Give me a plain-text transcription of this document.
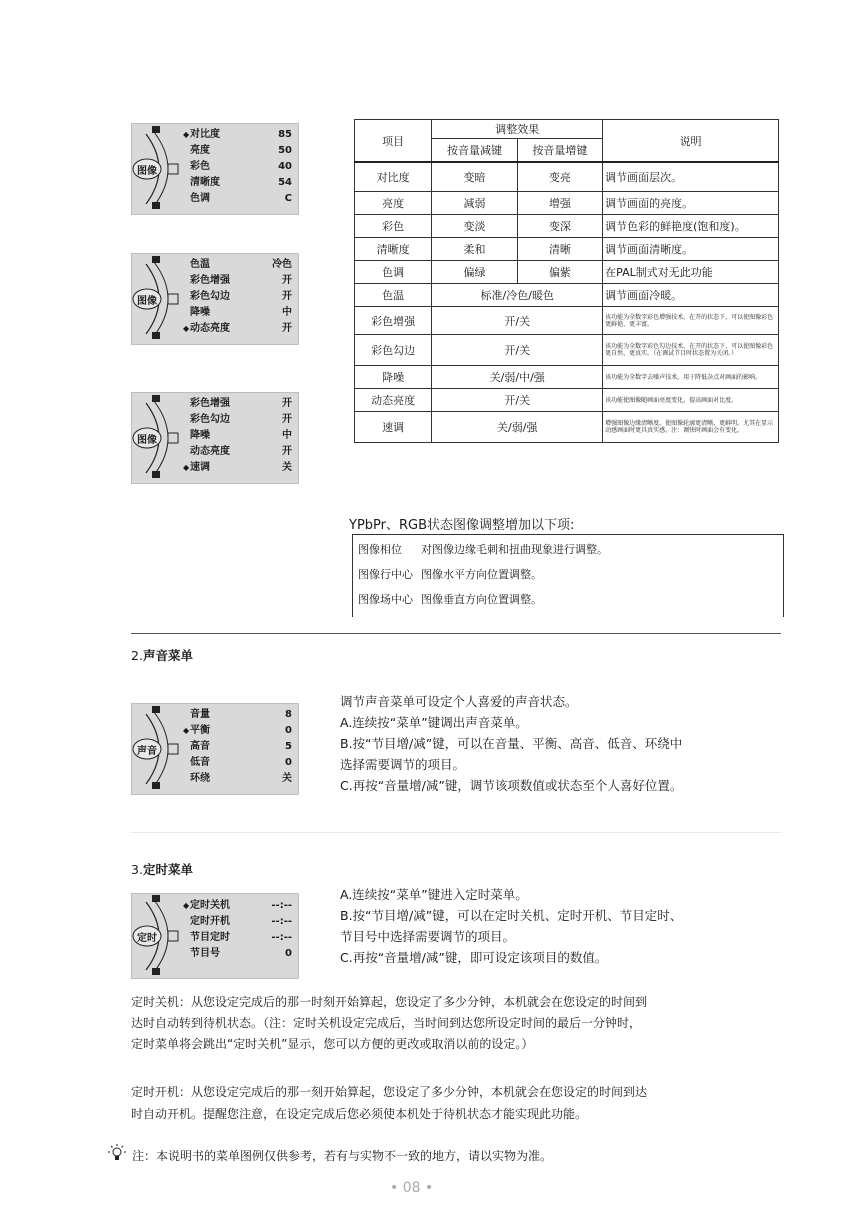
图像
◆ 对比度	85
亮度	50
彩色	40
清晰度	54
色调	C
图像
色温	冷色
彩色增强	开
彩色勾边	开
降噪	中
◆ 动态亮度	开
图像
彩色增强	开
彩色勾边	开
降噪	中
动态亮度	开
◆ 速调	关
项目	调整效果		说明
	按音量减键	按音量增键	
对比度	变暗	变亮	调节画面层次。
亮度	减弱	增强	调节画面的亮度。
彩色	变淡	变深	调节色彩的鲜艳度(饱和度)。
清晰度	柔和	清晰	调节画面清晰度。
色调	偏绿	偏紫	在PAL制式对无此功能
色温	标准/冷色/暖色		调节画面冷暖。
彩色增强	开/关		该功能为全数字彩色增强技术，在开的状态下，可以使图像彩色更鲜艳、更丰富。
彩色勾边	开/关		该功能为全数字彩色勾边技术，在开的状态下，可以使图像彩色更自然、更真实。（在调试节目时状态置为关闭。）
降噪	关/弱/中/强		该功能为全数字去噪声技术，用于降低杂点对画面的影响。
动态亮度	开/关		该功能使图像随画面亮度变化，提高画面对比度。
速调	关/弱/强		增强图像边缘清晰度，使图像轮廓更清晰，更鲜明。尤其在显示动感画面时更具真实感。注：调快时画面会有变化。
YPbPr、RGB状态图像调整增加以下项:
图像相位	对图像边缘毛刺和扭曲现象进行调整。
图像行中心	图像水平方向位置调整。
图像场中心	图像垂直方向位置调整。
2.声音菜单
声音
音量	8
◆ 平衡	0
高音	5
低音	0
环绕	关
调节声音菜单可设定个人喜爱的声音状态。
A.连续按“菜单”键调出声音菜单。
B.按“节目增/减”键，可以在音量、平衡、高音、低音、环绕中
选择需要调节的项目。
C.再按“音量增/减”键，调节该项数值或状态至个人喜好位置。
3.定时菜单
定时
◆ 定时关机	--:--
定时开机	--:--
节目定时	--:--
节目号	0
A.连续按“菜单”键进入定时菜单。
B.按“节目增/减”键，可以在定时关机、定时开机、节目定时、
节目号中选择需要调节的项目。
C.再按“音量增/减”键，即可设定该项目的数值。
定时关机：从您设定完成后的那一时刻开始算起，您设定了多少分钟，本机就会在您设定的时间到
达时自动转到待机状态。（注：定时关机设定完成后，当时间到达您所设定时间的最后一分钟时，
定时菜单将会跳出“定时关机”显示，您可以方便的更改或取消以前的设定。）
定时开机：从您设定完成后的那一刻开始算起，您设定了多少分钟，本机就会在您设定的时间到达
时自动开机。提醒您注意，在设定完成后您必须使本机处于待机状态才能实现此功能。
注：本说明书的菜单图例仅供参考，若有与实物不一致的地方，请以实物为准。
• 08 •
